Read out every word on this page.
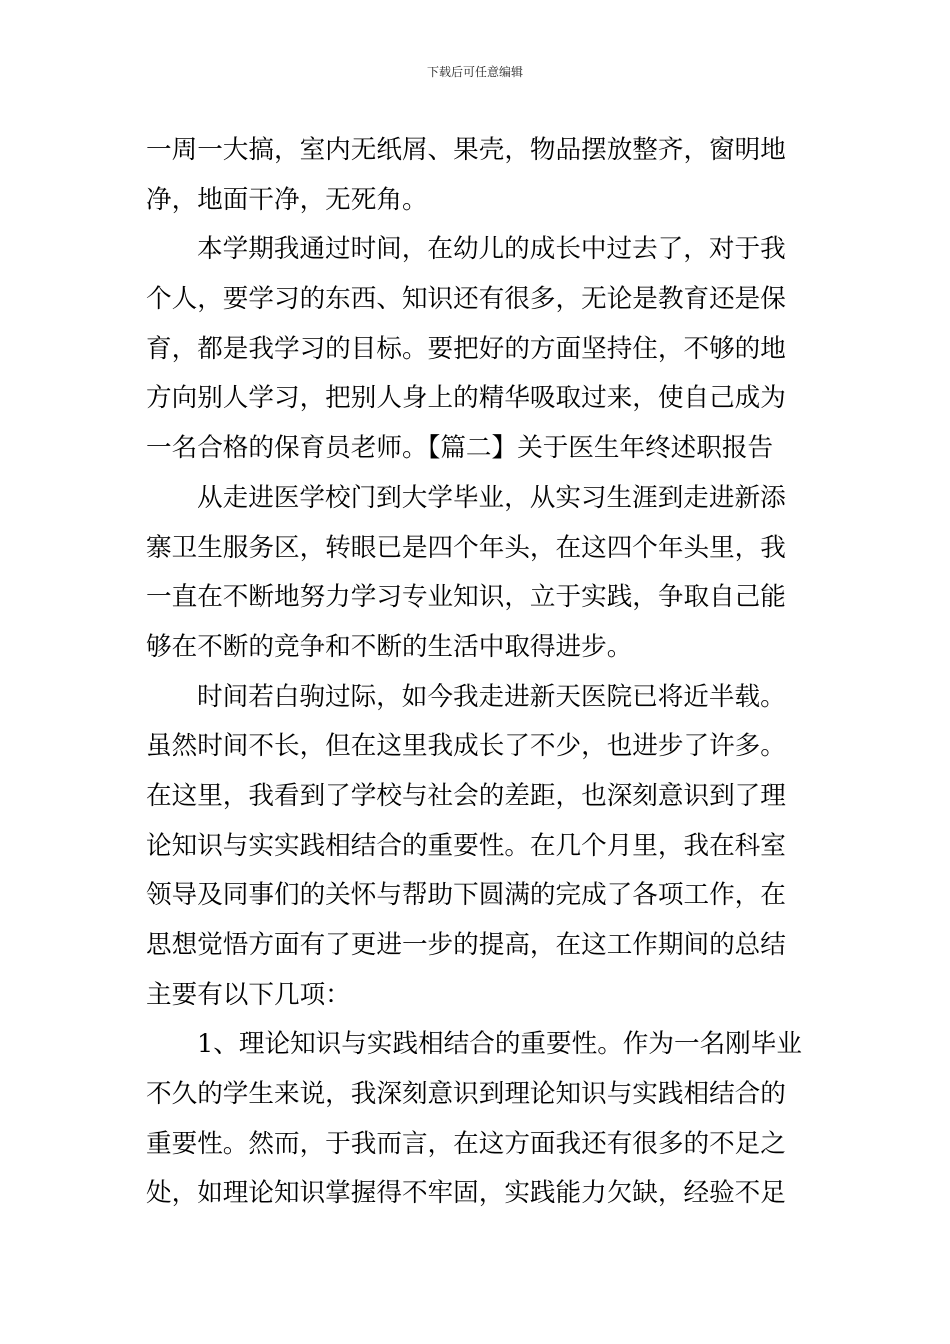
下载后可任意编辑
一周一大搞，室内无纸屑、果壳，物品摆放整齐，窗明地
净，地面干净，无死角。
本学期我通过时间，在幼儿的成长中过去了，对于我
个人，要学习的东西、知识还有很多，无论是教育还是保
育，都是我学习的目标。要把好的方面坚持住，不够的地
方向别人学习，把别人身上的精华吸取过来，使自己成为
一名合格的保育员老师。【篇二】关于医生年终述职报告
从走进医学校门到大学毕业，从实习生涯到走进新添
寨卫生服务区，转眼已是四个年头，在这四个年头里，我
一直在不断地努力学习专业知识，立于实践，争取自己能
够在不断的竞争和不断的生活中取得进步。
时间若白驹过际，如今我走进新天医院已将近半载。
虽然时间不长，但在这里我成长了不少，也进步了许多。
在这里，我看到了学校与社会的差距，也深刻意识到了理
论知识与实实践相结合的重要性。在几个月里，我在科室
领导及同事们的关怀与帮助下圆满的完成了各项工作，在
思想觉悟方面有了更进一步的提高，在这工作期间的总结
主要有以下几项：
1、理论知识与实践相结合的重要性。作为一名刚毕业
不久的学生来说，我深刻意识到理论知识与实践相结合的
重要性。然而，于我而言，在这方面我还有很多的不足之
处，如理论知识掌握得不牢固，实践能力欠缺，经验不足
